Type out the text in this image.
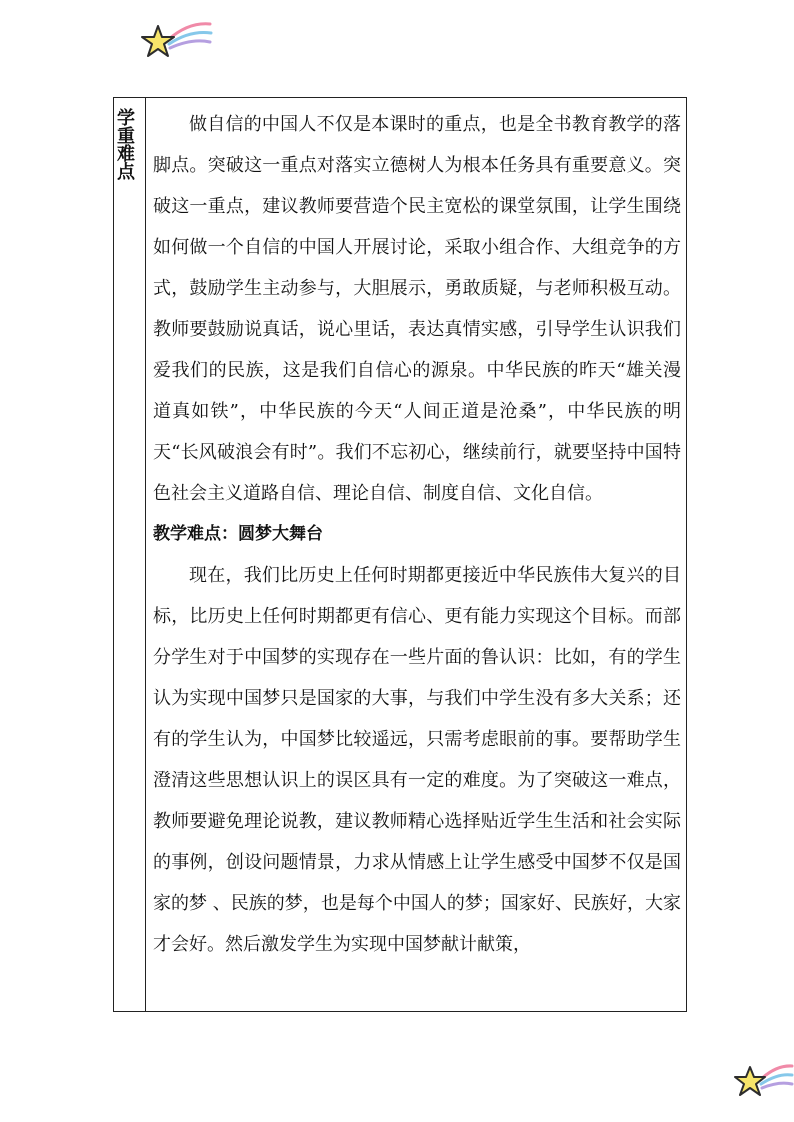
学重难点	做自信的中国人不仅是本课时的重点，也是全书教育教学的落脚点。突破这一重点对落实立德树人为根本任务具有重要意义。突破这一重点，建议教师要营造个民主宽松的课堂氛围，让学生围绕如何做一个自信的中国人开展讨论，采取小组合作、大组竞争的方式，鼓励学生主动参与，大胆展示，勇敢质疑，与老师积极互动。教师要鼓励说真话，说心里话，表达真情实感，引导学生认识我们爱我们的民族，这是我们自信心的源泉。中华民族的昨天“雄关漫道真如铁”，中华民族的今天“人间正道是沧桑”，中华民族的明天“长风破浪会有时”。我们不忘初心，继续前行，就要坚持中国特色社会主义道路自信、理论自信、制度自信、文化自信。

教学难点：圆梦大舞台

现在，我们比历史上任何时期都更接近中华民族伟大复兴的目标，比历史上任何时期都更有信心、更有能力实现这个目标。而部分学生对于中国梦的实现存在一些片面的鲁认识：比如，有的学生认为实现中国梦只是国家的大事，与我们中学生没有多大关系；还有的学生认为，中国梦比较遥远，只需考虑眼前的事。要帮助学生澄清这些思想认识上的误区具有一定的难度。为了突破这一难点，教师要避免理论说教，建议教师精心选择贴近学生生活和社会实际的事例，创设问题情景，力求从情感上让学生感受中国梦不仅是国家的梦 、民族的梦，也是每个中国人的梦；国家好、民族好，大家才会好。然后激发学生为实现中国梦献计献策，
